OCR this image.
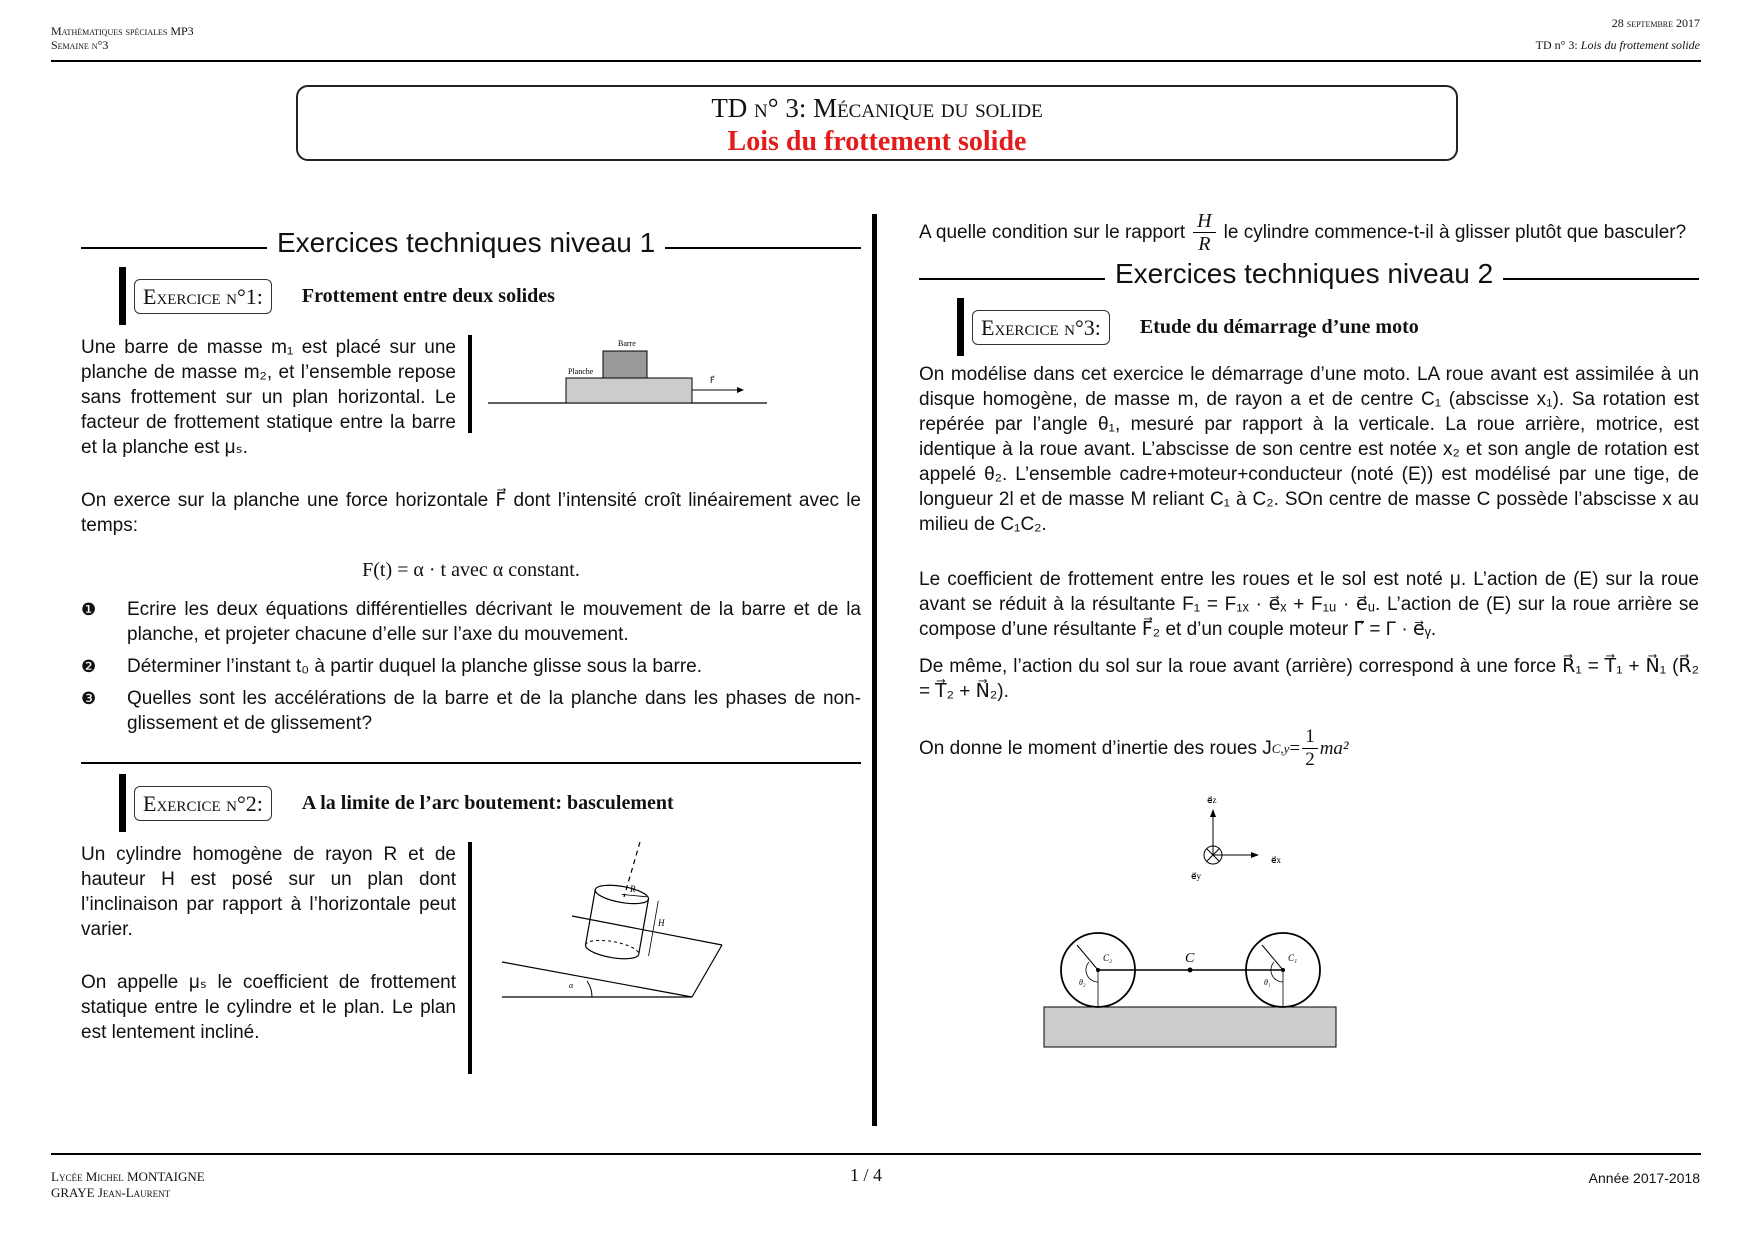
Mathématiques spéciales MP3
Semaine n°3
28 septembre 2017
TD n° 3: Lois du frottement solide
TD n° 3: Mécanique du solide
Lois du frottement solide
Exercices techniques niveau 1
Exercice n°1:	Frottement entre deux solides
Une barre de masse m₁ est placé sur une planche de masse m₂, et l’ensemble repose sans frottement sur un plan horizontal. Le facteur de frottement statique entre la barre et la planche est μₛ.
Barre
Planche
F⃗
On exerce sur la planche une force horizontale F⃗ dont l’intensité croît linéairement avec le temps:
F(t) = α · t avec α constant.
❶	Ecrire les deux équations différentielles décrivant le mouvement de la barre et de la planche, et projeter chacune d’elle sur l’axe du mouvement.
❷	Déterminer l’instant t₀ à partir duquel la planche glisse sous la barre.
❸	Quelles sont les accélérations de la barre et de la planche dans les phases de non-glissement et de glissement?
Exercice n°2:	A la limite de l’arc boutement: basculement
Un cylindre homogène de rayon R et de hauteur H est posé sur un plan dont l’inclinaison par rapport à l’horizontale peut varier.
On appelle μₛ le coefficient de frottement statique entre le cylindre et le plan. Le plan est lentement incliné.
R
H
α
A quelle condition sur le rapport $\frac{H}{R}$ le cylindre commence-t-il à glisser plutôt que basculer?
Exercices techniques niveau 2
Exercice n°3:	Etude du démarrage d’une moto
On modélise dans cet exercice le démarrage d’une moto. LA roue avant est assimilée à un disque homogène, de masse m, de rayon a et de centre C₁ (abscisse x₁). Sa rotation est repérée par l’angle θ₁, mesuré par rapport à la verticale. La roue arrière, motrice, est identique à la roue avant. L’abscisse de son centre est notée x₂ et son angle de rotation est appelé θ₂. L’ensemble cadre+moteur+conducteur (noté (E)) est modélisé par une tige, de longueur 2l et de masse M reliant C₁ à C₂. SOn centre de masse C possède l’abscisse x au milieu de C₁C₂.
Le coefficient de frottement entre les roues et le sol est noté μ. L’action de (E) sur la roue avant se réduit à la résultante F₁ = F₁ₓ · e⃗ₓ + F₁ᵤ · e⃗ᵤ. L’action de (E) sur la roue arrière se compose d’une résultante F⃗₂ et d’un couple moteur Γ⃗ = Γ · e⃗ᵧ.
De même, l’action du sol sur la roue avant (arrière) correspond à une force R⃗₁ = T⃗₁ + N⃗₁ (R⃗₂ = T⃗₂ + N⃗₂).
On donne le moment d’inertie des roues J $C,y = \frac{1}{2} ma^2$
e⃗z
e⃗x
e⃗y
C
C₂	C₁
θ₂	θ₁
Lycée Michel MONTAIGNE
GRAYE Jean-Laurent
1 / 4	Année 2017-2018
